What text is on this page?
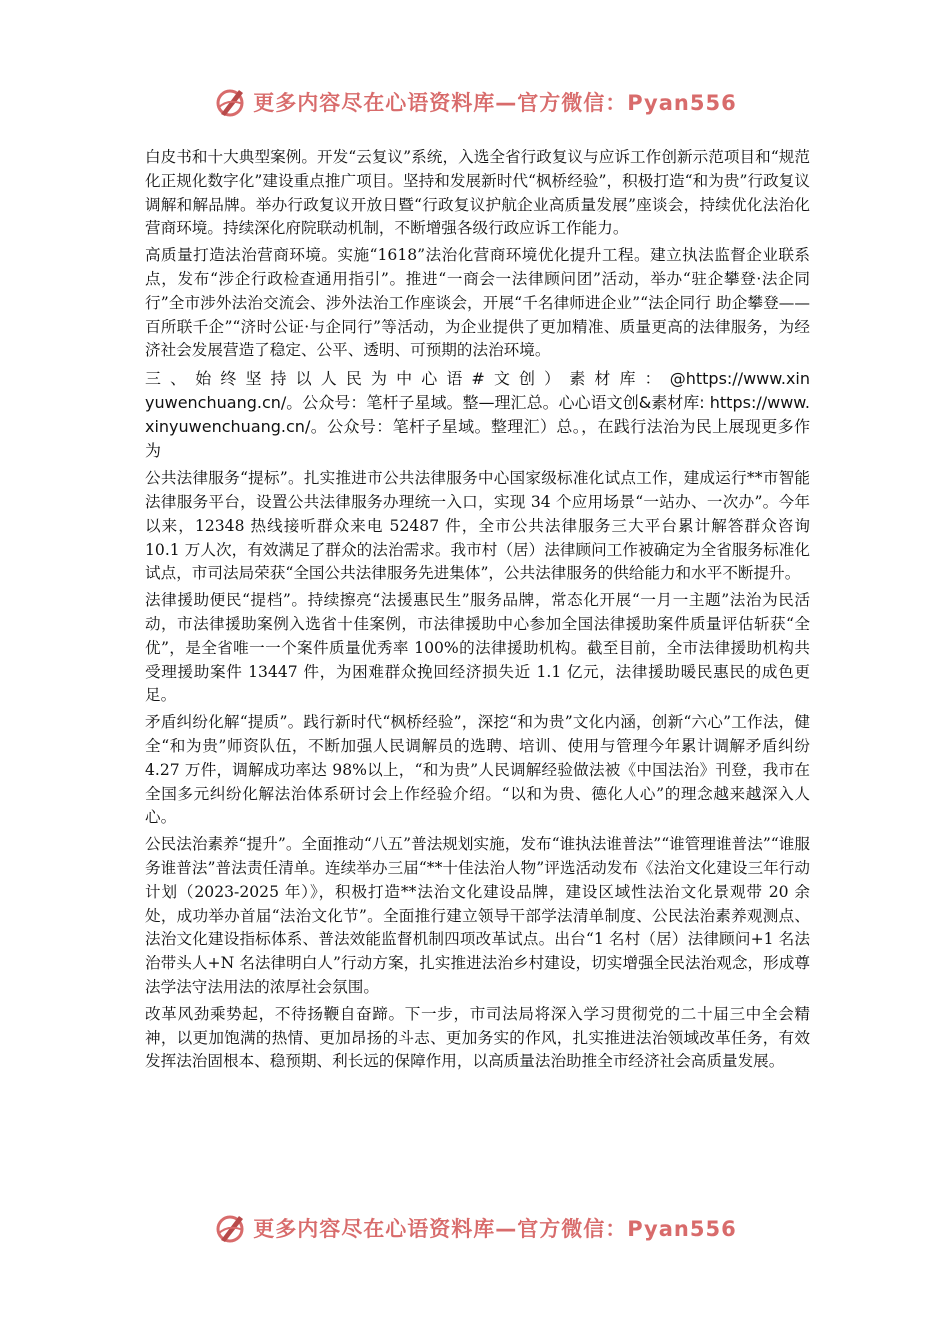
更多内容尽在心语资料库—官方微信：Pyan556

白皮书和十大典型案例。开发“云复议”系统，入选全省行政复议与应诉工作创新示范项目和“规范化正规化数字化”建设重点推广项目。坚持和发展新时代“枫桥经验”，积极打造“和为贵”行政复议调解和解品牌。举办行政复议开放日暨“行政复议护航企业高质量发展”座谈会，持续优化法治化营商环境。持续深化府院联动机制，不断增强各级行政应诉工作能力。

高质量打造法治营商环境。实施“1618”法治化营商环境优化提升工程。建立执法监督企业联系点，发布“涉企行政检查通用指引”。推进“一商会一法律顾问团”活动，举办“驻企攀登·法企同行”全市涉外法治交流会、涉外法治工作座谈会，开展“千名律师进企业”“法企同行 助企攀登——百所联千企”“济时公证·与企同行”等活动，为企业提供了更加精准、质量更高的法律服务，为经济社会发展营造了稳定、公平、透明、可预期的法治环境。

三、始终坚持以人民为中心语#文创）素材库：@https://www.xinyuwenchuang.cn/。公众号：笔杆子星域。整—理汇总。心心语文创&素材库: https://www.xinyuwenchuang.cn/。公众号：笔杆子星域。整理汇）总。，在践行法治为民上展现更多作为

公共法律服务“提标”。扎实推进市公共法律服务中心国家级标准化试点工作，建成运行**市智能法律服务平台，设置公共法律服务办理统一入口，实现 34 个应用场景“一站办、一次办”。今年以来，12348 热线接听群众来电 52487 件，全市公共法律服务三大平台累计解答群众咨询 10.1 万人次，有效满足了群众的法治需求。我市村（居）法律顾问工作被确定为全省服务标准化试点，市司法局荣获“全国公共法律服务先进集体”，公共法律服务的供给能力和水平不断提升。

法律援助便民“提档”。持续擦亮“法援惠民生”服务品牌，常态化开展“一月一主题”法治为民活动，市法律援助案例入选省十佳案例，市法律援助中心参加全国法律援助案件质量评估斩获“全优”，是全省唯一一个案件质量优秀率 100%的法律援助机构。截至目前，全市法律援助机构共受理援助案件 13447 件，为困难群众挽回经济损失近 1.1 亿元，法律援助暖民惠民的成色更足。

矛盾纠纷化解“提质”。践行新时代“枫桥经验”，深挖“和为贵”文化内涵，创新“六心”工作法，健全“和为贵”师资队伍，不断加强人民调解员的选聘、培训、使用与管理今年累计调解矛盾纠纷 4.27 万件，调解成功率达 98%以上，“和为贵”人民调解经验做法被《中国法治》刊登，我市在全国多元纠纷化解法治体系研讨会上作经验介绍。“以和为贵、德化人心”的理念越来越深入人心。

公民法治素养“提升”。全面推动“八五”普法规划实施，发布“谁执法谁普法”“谁管理谁普法”“谁服务谁普法”普法责任清单。连续举办三届“**十佳法治人物”评选活动发布《法治文化建设三年行动计划（2023-2025 年）》，积极打造**法治文化建设品牌，建设区域性法治文化景观带 20 余处，成功举办首届“法治文化节”。全面推行建立领导干部学法清单制度、公民法治素养观测点、法治文化建设指标体系、普法效能监督机制四项改革试点。出台“1 名村（居）法律顾问+1 名法治带头人+N 名法律明白人”行动方案，扎实推进法治乡村建设，切实增强全民法治观念，形成尊法学法守法用法的浓厚社会氛围。

改革风劲乘势起，不待扬鞭自奋蹄。下一步，市司法局将深入学习贯彻党的二十届三中全会精神，以更加饱满的热情、更加昂扬的斗志、更加务实的作风，扎实推进法治领域改革任务，有效发挥法治固根本、稳预期、利长远的保障作用，以高质量法治助推全市经济社会高质量发展。

更多内容尽在心语资料库—官方微信：Pyan556
